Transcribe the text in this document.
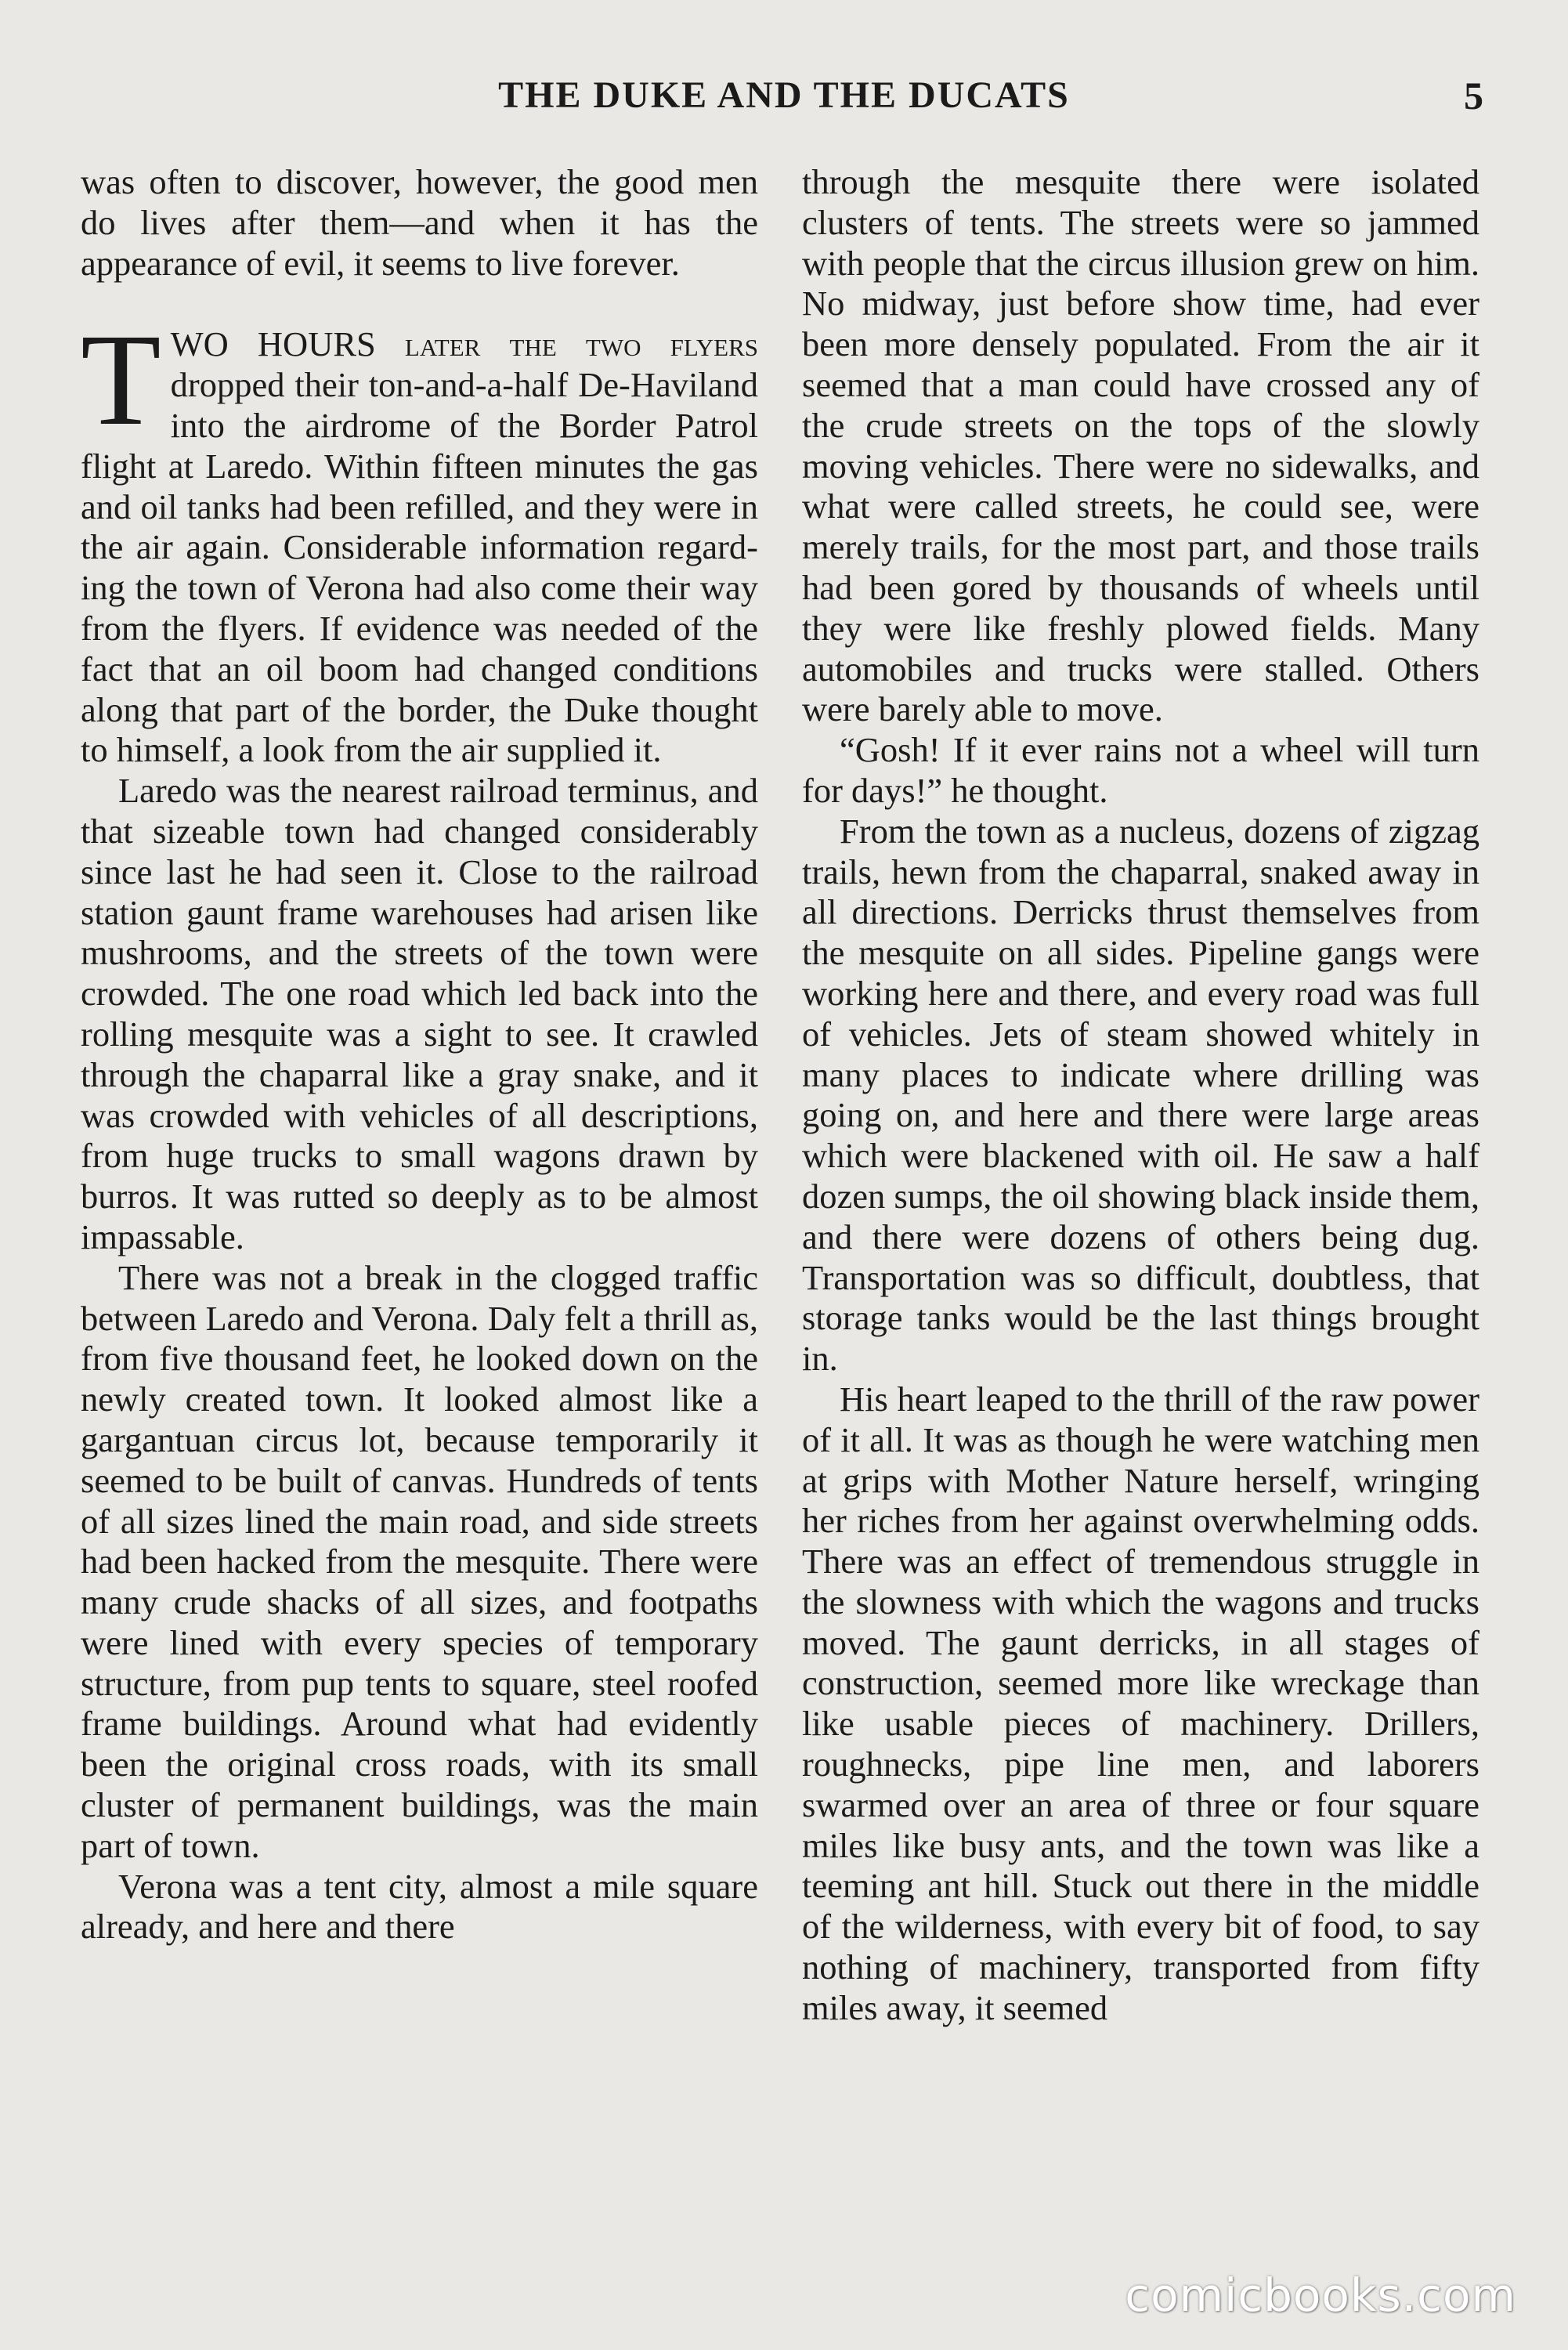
THE DUKE AND THE DUCATS	5

was often to discover, however, the good men do lives after them—and when it has the appearance of evil, it seems to live forever.

TWO HOURS later the two flyers dropped their ton-and-a-half De-Haviland into the airdrome of the Border Patrol flight at Laredo. Within fifteen minutes the gas and oil tanks had been refilled, and they were in the air again. Considerable information regarding the town of Verona had also come their way from the flyers. If evidence was needed of the fact that an oil boom had changed conditions along that part of the border, the Duke thought to himself, a look from the air supplied it.

Laredo was the nearest railroad terminus, and that sizeable town had changed considerably since last he had seen it. Close to the railroad station gaunt frame warehouses had arisen like mushrooms, and the streets of the town were crowded. The one road which led back into the rolling mesquite was a sight to see. It crawled through the chaparral like a gray snake, and it was crowded with vehicles of all descriptions, from huge trucks to small wagons drawn by burros. It was rutted so deeply as to be almost impassable.

There was not a break in the clogged traffic between Laredo and Verona. Daly felt a thrill as, from five thousand feet, he looked down on the newly created town. It looked almost like a gargantuan circus lot, because temporarily it seemed to be built of canvas. Hundreds of tents of all sizes lined the main road, and side streets had been hacked from the mesquite. There were many crude shacks of all sizes, and footpaths were lined with every species of temporary structure, from pup tents to square, steel roofed frame buildings. Around what had evidently been the original cross roads, with its small cluster of permanent buildings, was the main part of town.

Verona was a tent city, almost a mile square already, and here and there

through the mesquite there were isolated clusters of tents. The streets were so jammed with people that the circus illusion grew on him. No midway, just before show time, had ever been more densely populated. From the air it seemed that a man could have crossed any of the crude streets on the tops of the slowly moving vehicles. There were no sidewalks, and what were called streets, he could see, were merely trails, for the most part, and those trails had been gored by thousands of wheels until they were like freshly plowed fields. Many automobiles and trucks were stalled. Others were barely able to move.

“Gosh! If it ever rains not a wheel will turn for days!” he thought.

From the town as a nucleus, dozens of zigzag trails, hewn from the chaparral, snaked away in all directions. Derricks thrust themselves from the mesquite on all sides. Pipeline gangs were working here and there, and every road was full of vehicles. Jets of steam showed whitely in many places to indicate where drilling was going on, and here and there were large areas which were blackened with oil. He saw a half dozen sumps, the oil showing black inside them, and there were dozens of others being dug. Transportation was so difficult, doubtless, that storage tanks would be the last things brought in.

His heart leaped to the thrill of the raw power of it all. It was as though he were watching men at grips with Mother Nature herself, wringing her riches from her against overwhelming odds. There was an effect of tremendous struggle in the slowness with which the wagons and trucks moved. The gaunt derricks, in all stages of construction, seemed more like wreckage than like usable pieces of machinery. Drillers, roughnecks, pipe line men, and laborers swarmed over an area of three or four square miles like busy ants, and the town was like a teeming ant hill. Stuck out there in the middle of the wilderness, with every bit of food, to say nothing of machinery, transported from fifty miles away, it seemed

comicbooks.com
